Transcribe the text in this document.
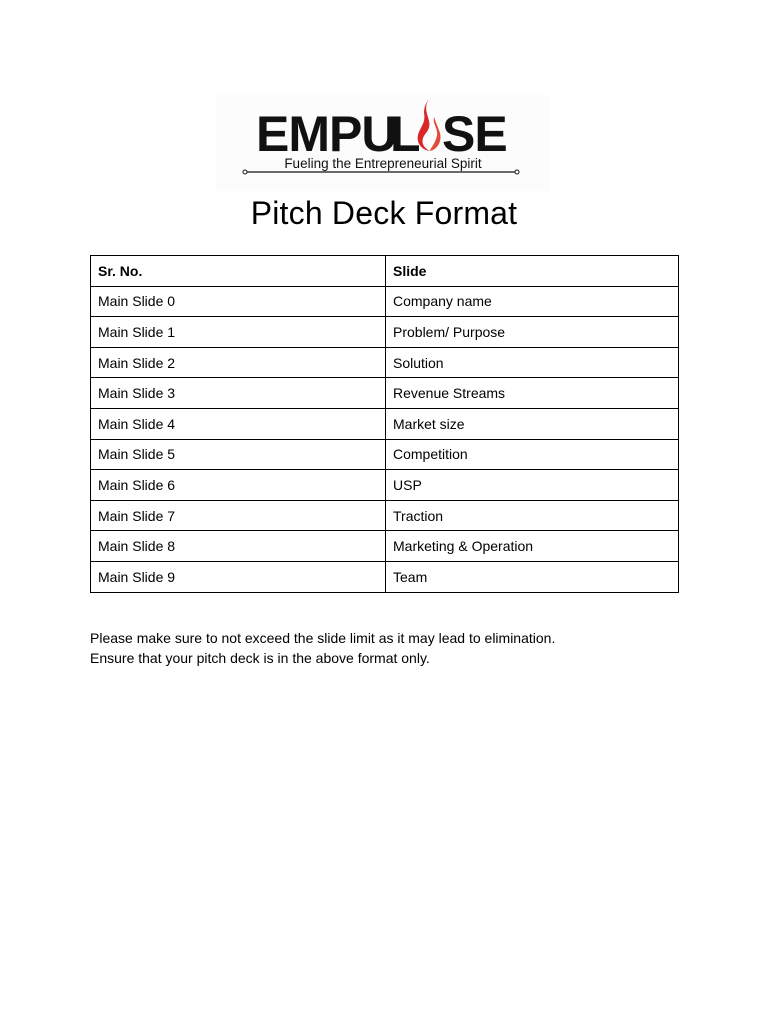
EMPU
L SE
Fueling the Entrepreneurial Spirit
Pitch Deck Format
Sr. No.	Slide
Main Slide 0	Company name
Main Slide 1	Problem/ Purpose
Main Slide 2	Solution
Main Slide 3	Revenue Streams
Main Slide 4	Market size
Main Slide 5	Competition
Main Slide 6	USP
Main Slide 7	Traction
Main Slide 8	Marketing & Operation
Main Slide 9	Team

Please make sure to not exceed the slide limit as it may lead to elimination.

Ensure that your pitch deck is in the above format only.
